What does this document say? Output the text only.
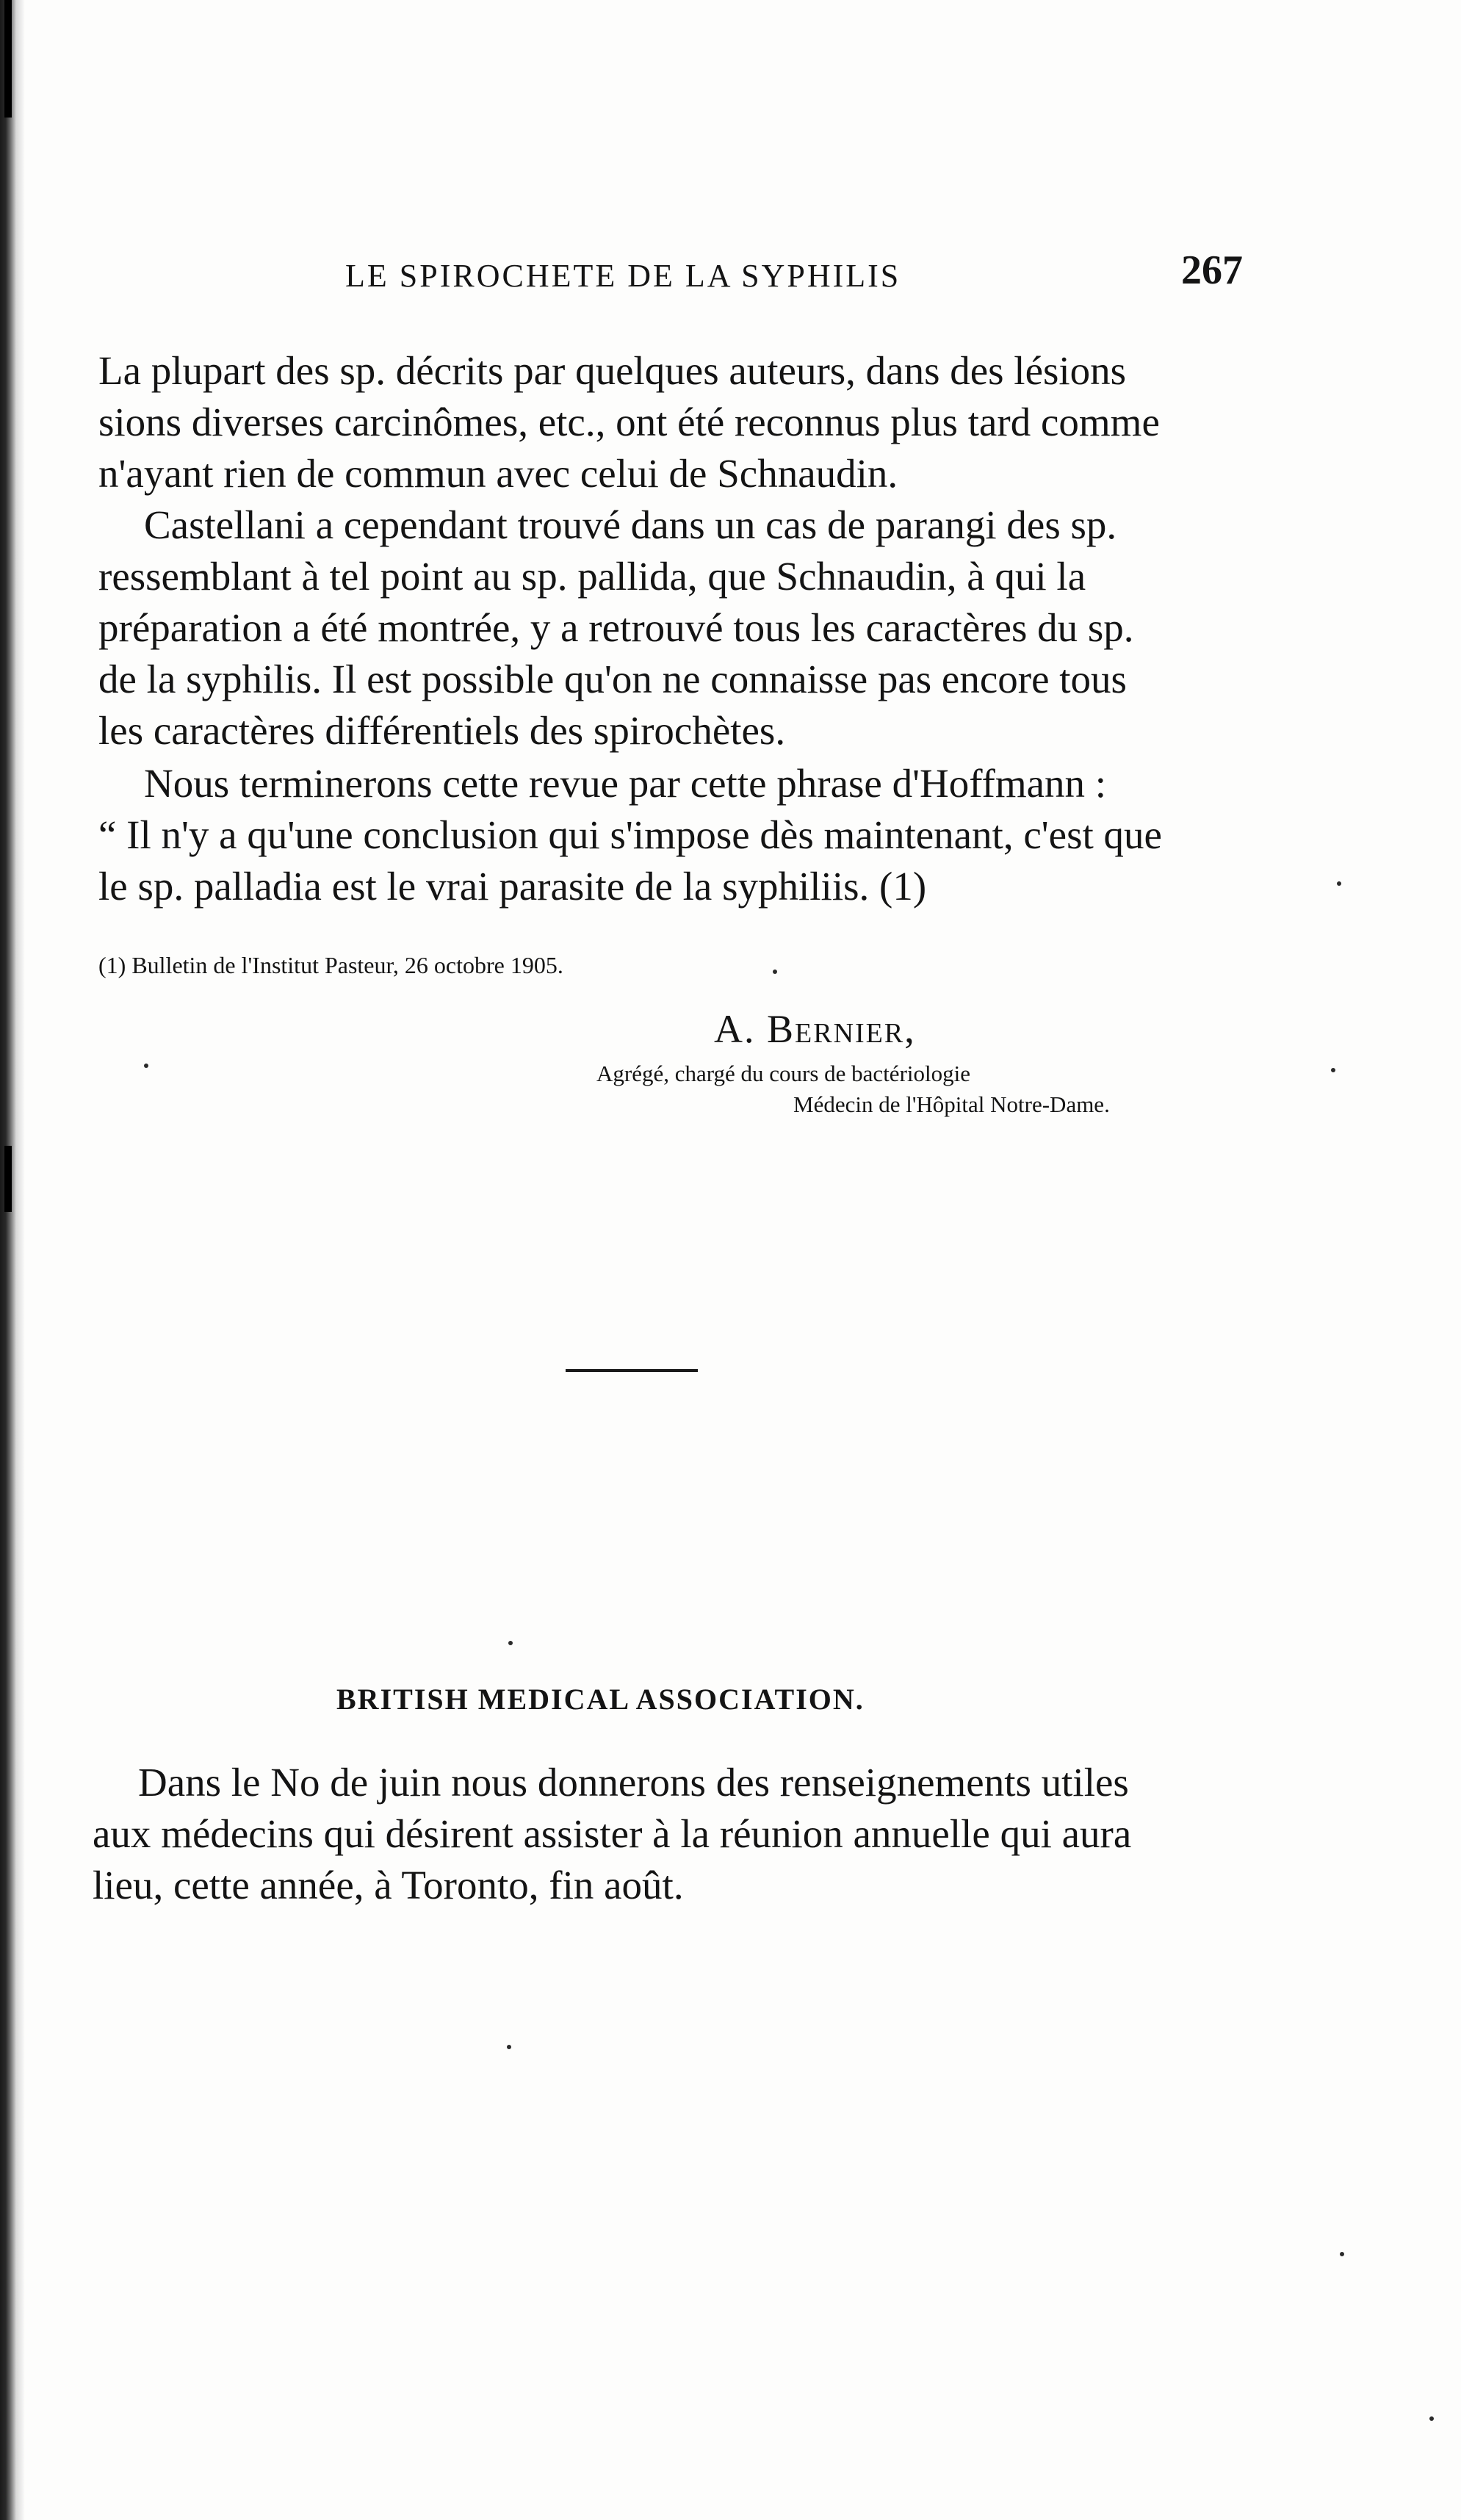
LE SPIROCHETE DE LA SYPHILIS	267
La plupart des sp. décrits par quelques auteurs, dans des lésions
sions diverses carcinômes, etc., ont été reconnus plus tard comme
n'ayant rien de commun avec celui de Schnaudin.
Castellani a cependant trouvé dans un cas de parangi des sp.
ressemblant à tel point au sp. pallida, que Schnaudin, à qui la
préparation a été montrée, y a retrouvé tous les caractères du sp.
de la syphilis. Il est possible qu'on ne connaisse pas encore tous
les caractères différentiels des spirochètes.
Nous terminerons cette revue par cette phrase d'Hoffmann :
“ Il n'y a qu'une conclusion qui s'impose dès maintenant, c'est que
le sp. palladia est le vrai parasite de la syphiliis. (1)
(1) Bulletin de l'Institut Pasteur, 26 octobre 1905.
A. Bernier,
Agrégé, chargé du cours de bactériologie
Médecin de l'Hôpital Notre-Dame.
BRITISH MEDICAL ASSOCIATION.
Dans le No de juin nous donnerons des renseignements utiles
aux médecins qui désirent assister à la réunion annuelle qui aura
lieu, cette année, à Toronto, fin août.
